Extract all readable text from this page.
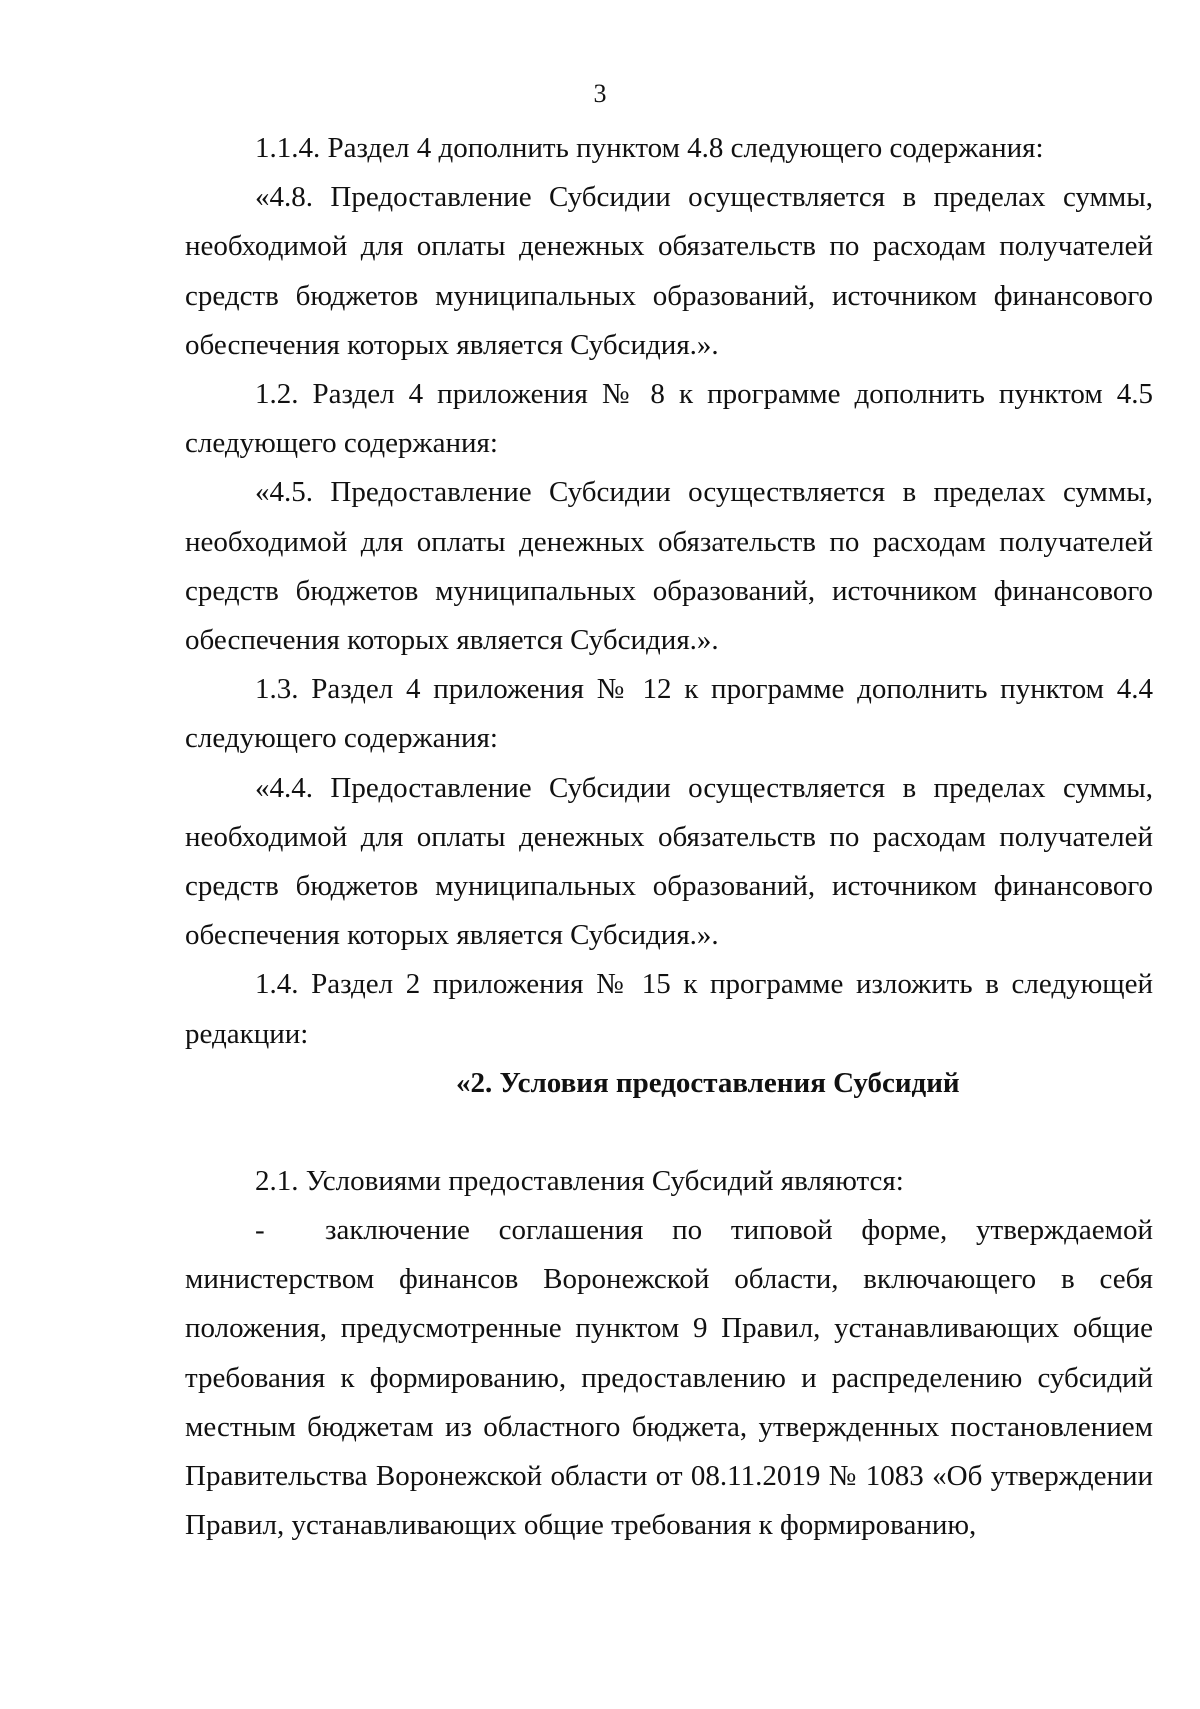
3

1.1.4. Раздел 4 дополнить пунктом 4.8 следующего содержания:

«4.8. Предоставление Субсидии осуществляется в пределах суммы, необходимой для оплаты денежных обязательств по расходам получателей средств бюджетов муниципальных образований, источником финансового обеспечения которых является Субсидия.».

1.2. Раздел 4 приложения № 8 к программе дополнить пунктом 4.5 следующего содержания:

«4.5. Предоставление Субсидии осуществляется в пределах суммы, необходимой для оплаты денежных обязательств по расходам получателей средств бюджетов муниципальных образований, источником финансового обеспечения которых является Субсидия.».

1.3. Раздел 4 приложения № 12 к программе дополнить пунктом 4.4 следующего содержания:

«4.4. Предоставление Субсидии осуществляется в пределах суммы, необходимой для оплаты денежных обязательств по расходам получателей средств бюджетов муниципальных образований, источником финансового обеспечения которых является Субсидия.».

1.4. Раздел 2 приложения № 15 к программе изложить в следующей редакции:

«2. Условия предоставления Субсидий

2.1. Условиями предоставления Субсидий являются:

- заключение соглашения по типовой форме, утверждаемой министерством финансов Воронежской области, включающего в себя положения, предусмотренные пунктом 9 Правил, устанавливающих общие требования к формированию, предоставлению и распределению субсидий местным бюджетам из областного бюджета, утвержденных постановлением Правительства Воронежской области от 08.11.2019 № 1083 «Об утверждении Правил, устанавливающих общие требования к формированию,
